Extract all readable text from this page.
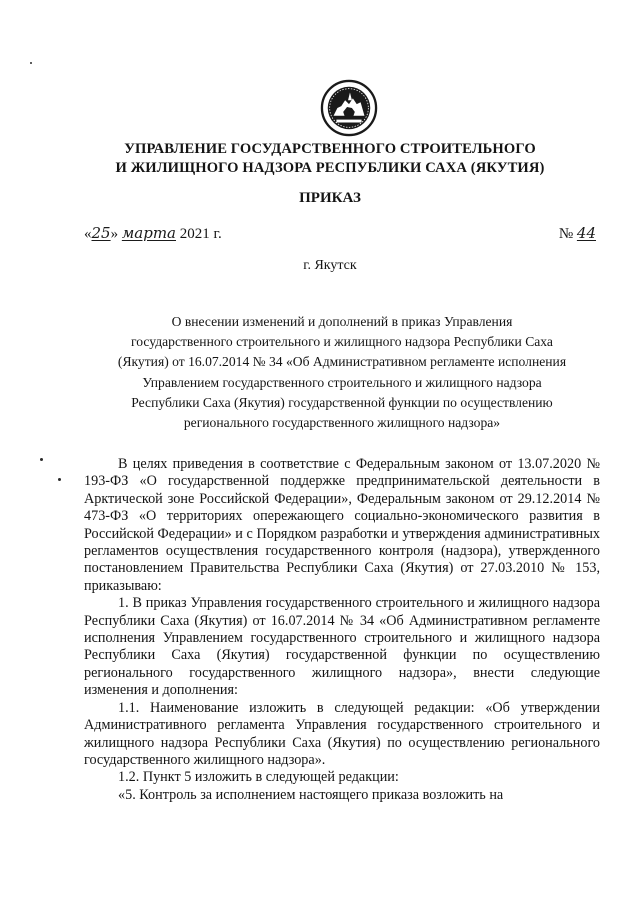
УПРАВЛЕНИЕ ГОСУДАРСТВЕННОГО СТРОИТЕЛЬНОГО
И ЖИЛИЩНОГО НАДЗОРА РЕСПУБЛИКИ САХА (ЯКУТИЯ)
ПРИКАЗ
«25» марта 2021 г.	№ 44
г. Якутск
О внесении изменений и дополнений в приказ Управления
государственного строительного и жилищного надзора Республики Саха
(Якутия) от 16.07.2014 № 34 «Об Административном регламенте исполнения
Управлением государственного строительного и жилищного надзора
Республики Саха (Якутия) государственной функции по осуществлению
регионального государственного жилищного надзора»

В целях приведения в соответствие с Федеральным законом от 13.07.2020 № 193-ФЗ «О государственной поддержке предпринимательской деятельности в Арктической зоне Российской Федерации», Федеральным законом от 29.12.2014 № 473-ФЗ «О территориях опережающего социально-экономического развития в Российской Федерации» и с Порядком разработки и утверждения административных регламентов осуществления государственного контроля (надзора), утвержденного постановлением Правительства Республики Саха (Якутия) от 27.03.2010 № 153, приказываю:

1. В приказ Управления государственного строительного и жилищного надзора Республики Саха (Якутия) от 16.07.2014 № 34 «Об Административном регламенте исполнения Управлением государственного строительного и жилищного надзора Республики Саха (Якутия) государственной функции по осуществлению регионального государственного жилищного надзора», внести следующие изменения и дополнения:

1.1. Наименование изложить в следующей редакции: «Об утверждении Административного регламента Управления государственного строительного и жилищного надзора Республики Саха (Якутия) по осуществлению регионального государственного жилищного надзора».

1.2. Пункт 5 изложить в следующей редакции:

«5. Контроль за исполнением настоящего приказа возложить на
